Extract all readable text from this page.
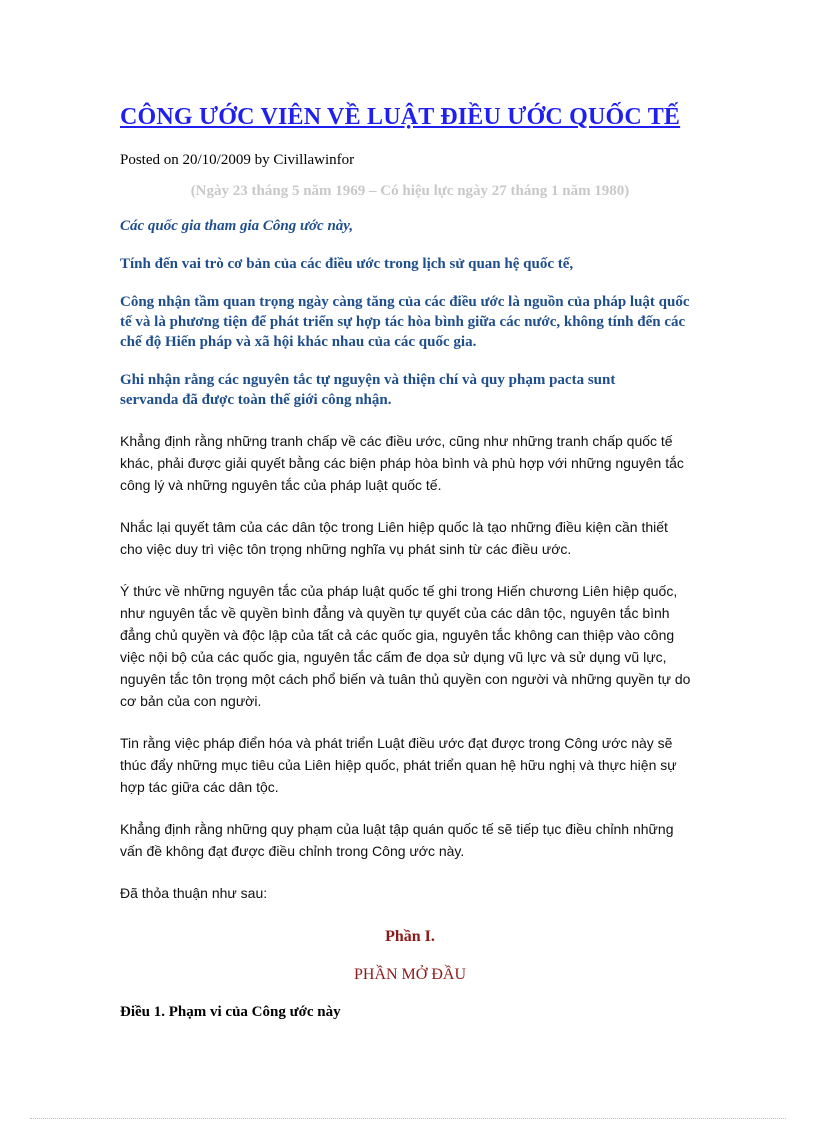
CÔNG ƯỚC VIÊN VỀ LUẬT ĐIỀU ƯỚC QUỐC TẾ
Posted on 20/10/2009 by Civillawinfor
(Ngày 23 tháng 5 năm 1969 – Có hiệu lực ngày 27 tháng 1 năm 1980)

Các quốc gia tham gia Công ước này,

Tính đến vai trò cơ bản của các điều ước trong lịch sử quan hệ quốc tế,

Công nhận tầm quan trọng ngày càng tăng của các điều ước là nguồn của pháp luật quốc tế và là phương tiện để phát triển sự hợp tác hòa bình giữa các nước, không tính đến các chế độ Hiến pháp và xã hội khác nhau của các quốc gia.

Ghi nhận rằng các nguyên tắc tự nguyện và thiện chí và quy phạm pacta sunt servanda đã được toàn thế giới công nhận.

Khẳng định rằng những tranh chấp về các điều ước, cũng như những tranh chấp quốc tế khác, phải được giải quyết bằng các biện pháp hòa bình và phù hợp với những nguyên tắc công lý và những nguyên tắc của pháp luật quốc tế.

Nhắc lại quyết tâm của các dân tộc trong Liên hiệp quốc là tạo những điều kiện cần thiết cho việc duy trì việc tôn trọng những nghĩa vụ phát sinh từ các điều ước.

Ý thức về những nguyên tắc của pháp luật quốc tế ghi trong Hiến chương Liên hiệp quốc, như nguyên tắc về quyền bình đẳng và quyền tự quyết của các dân tộc, nguyên tắc bình đẳng chủ quyền và độc lập của tất cả các quốc gia, nguyên tắc không can thiệp vào công việc nội bộ của các quốc gia, nguyên tắc cấm đe dọa sử dụng vũ lực và sử dụng vũ lực, nguyên tắc tôn trọng một cách phổ biến và tuân thủ quyền con người và những quyền tự do cơ bản của con người.

Tin rằng việc pháp điển hóa và phát triển Luật điều ước đạt được trong Công ước này sẽ thúc đẩy những mục tiêu của Liên hiệp quốc, phát triển quan hệ hữu nghị và thực hiện sự hợp tác giữa các dân tộc.

Khẳng định rằng những quy phạm của luật tập quán quốc tế sẽ tiếp tục điều chỉnh những vấn đề không đạt được điều chỉnh trong Công ước này.

Đã thỏa thuận như sau:

Phần I.

PHẦN MỞ ĐẦU

Điều 1. Phạm vi của Công ước này
